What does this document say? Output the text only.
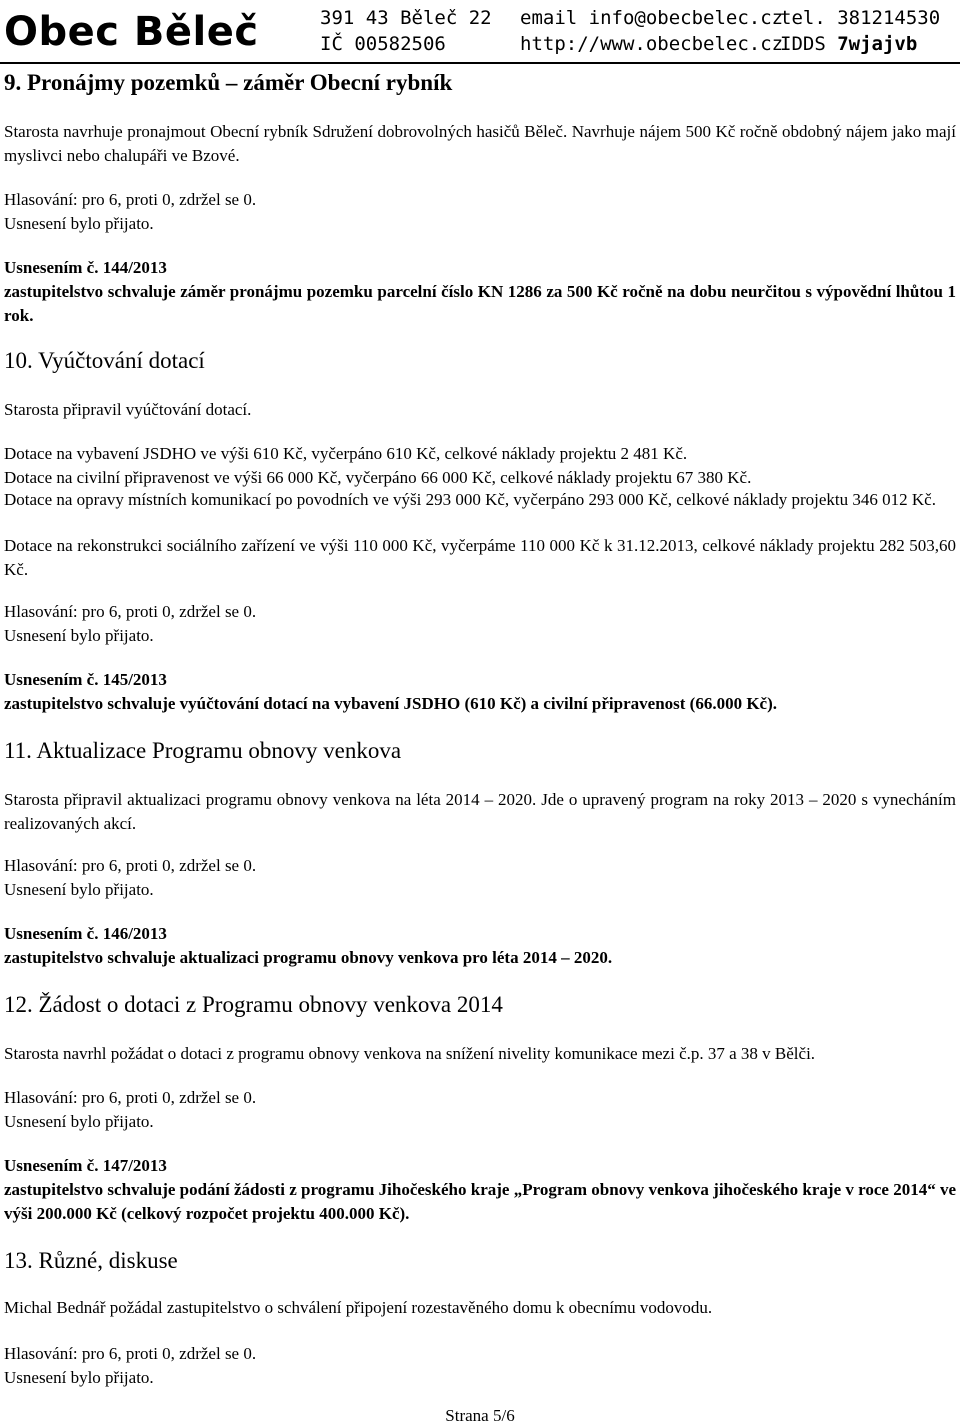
Obec Běleč	391 43 Běleč 22
IČ 00582506
email info@obecbelec.cz
http://www.obecbelec.cz
tel. 381214530
IDDS 7wjajvb
9. Pronájmy pozemků – záměr Obecní rybník
Starosta navrhuje pronajmout Obecní rybník Sdružení dobrovolných hasičů Běleč. Navrhuje nájem 500 Kč ročně obdobný nájem jako mají myslivci nebo chalupáři ve Bzové.
Hlasování: pro 6, proti 0, zdržel se 0.
Usnesení bylo přijato.
Usnesením č. 144/2013
zastupitelstvo schvaluje záměr pronájmu pozemku parcelní číslo KN 1286 za 500 Kč ročně na dobu neurčitou s výpovědní lhůtou 1 rok.
10. Vyúčtování dotací
Starosta připravil vyúčtování dotací.
Dotace na vybavení JSDHO ve výši 610 Kč, vyčerpáno 610 Kč, celkové náklady projektu 2 481 Kč.
Dotace na civilní připravenost ve výši 66 000 Kč, vyčerpáno 66 000 Kč, celkové náklady projektu 67 380 Kč.
Dotace na opravy místních komunikací po povodních ve výši 293 000 Kč, vyčerpáno 293 000 Kč, celkové náklady projektu 346 012 Kč.
Dotace na rekonstrukci sociálního zařízení ve výši 110 000 Kč, vyčerpáme 110 000 Kč k 31.12.2013, celkové náklady projektu 282 503,60 Kč.
Hlasování: pro 6, proti 0, zdržel se 0.
Usnesení bylo přijato.
Usnesením č. 145/2013
zastupitelstvo schvaluje vyúčtování dotací na vybavení JSDHO (610 Kč) a civilní připravenost (66.000 Kč).
11. Aktualizace Programu obnovy venkova
Starosta připravil aktualizaci programu obnovy venkova na léta 2014 – 2020. Jde o upravený program na roky 2013 – 2020 s vynecháním realizovaných akcí.
Hlasování: pro 6, proti 0, zdržel se 0.
Usnesení bylo přijato.
Usnesením č. 146/2013
zastupitelstvo schvaluje aktualizaci programu obnovy venkova pro léta 2014 – 2020.
12. Žádost o dotaci z Programu obnovy venkova 2014
Starosta navrhl požádat o dotaci z programu obnovy venkova na snížení nivelity komunikace mezi č.p. 37 a 38 v Bělči.
Hlasování: pro 6, proti 0, zdržel se 0.
Usnesení bylo přijato.
Usnesením č. 147/2013
zastupitelstvo schvaluje podání žádosti z programu Jihočeského kraje „Program obnovy venkova jihočeského kraje v roce 2014“ ve výši 200.000 Kč (celkový rozpočet projektu 400.000 Kč).
13. Různé, diskuse
Michal Bednář požádal zastupitelstvo o schválení připojení rozestavěného domu k obecnímu vodovodu.
Hlasování: pro 6, proti 0, zdržel se 0.
Usnesení bylo přijato.
Strana 5/6
